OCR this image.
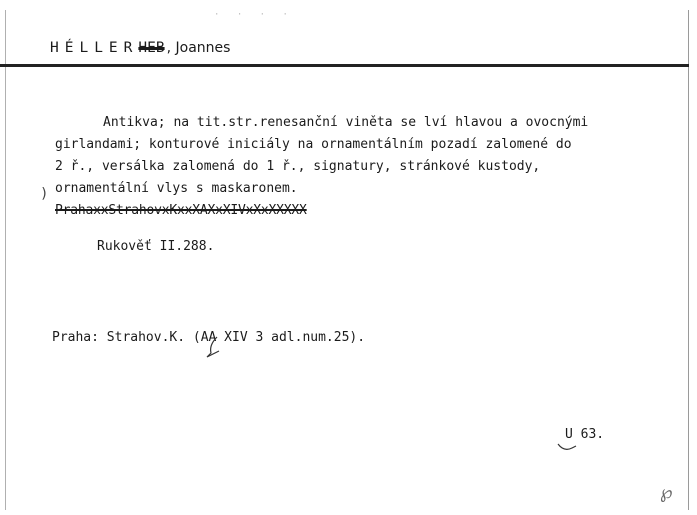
· · · ·
HÉLLERHEB , Joannes
Antikva; na tit.str.renesanční viněta se lví hlavou a ovocnými
girlandami; konturové iniciály na ornamentálním pozadí zalomené do
2 ř., versálka zalomená do 1 ř., signatury, stránkové kustody,
ornamentální vlys s maskaronem.
PrahaxxStrahovxKxxXAXxXIVxXxXXXXX
)
Rukověť II.288.
Praha: Strahov.K. (AA XIV 3 adl.num.25).
U 63.
℘
